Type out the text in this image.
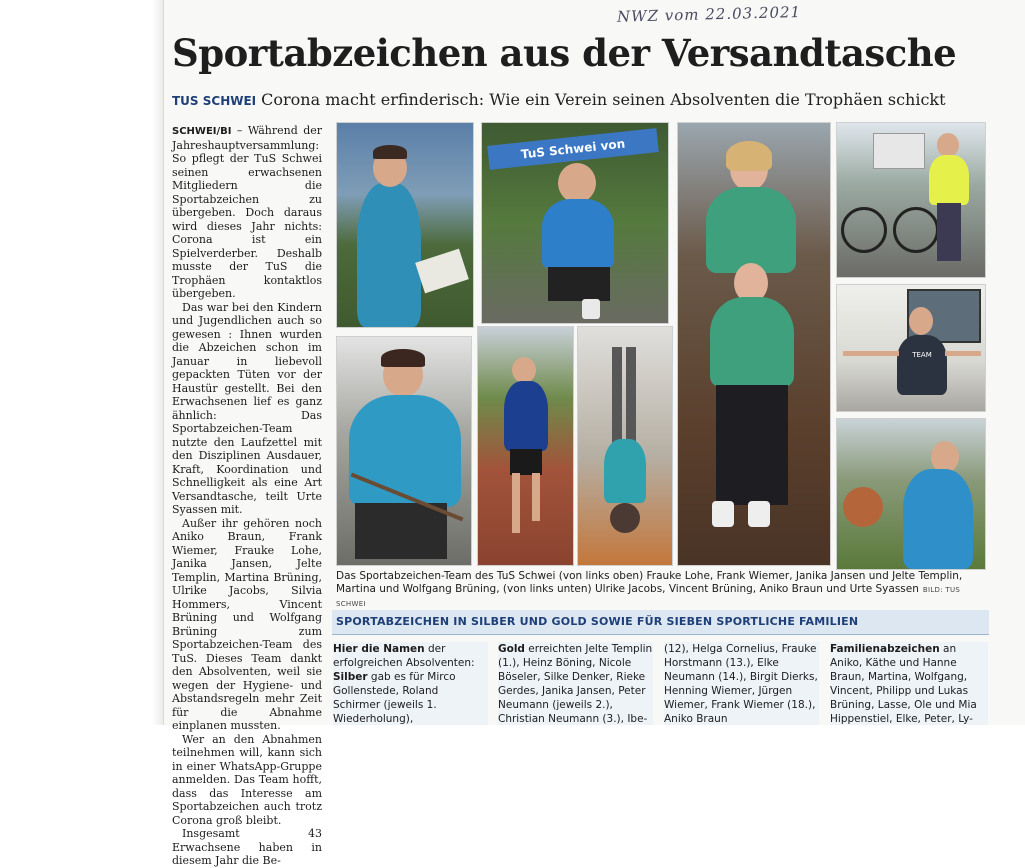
NWZ vom 22.03.2021
Sportabzeichen aus der Versandtasche
TUS SCHWEI Corona macht erfinderisch: Wie ein Verein seinen Absolventen die Trophäen schickt

SCHWEI/BI – Während der Jahreshauptversammlung: So pflegt der TuS Schwei seinen erwachsenen Mitgliedern die Sportabzeichen zu übergeben. Doch daraus wird dieses Jahr nichts: Corona ist ein Spielverderber. Deshalb musste der TuS die Trophäen kontaktlos übergeben.

Das war bei den Kindern und Jugendlichen auch so gewesen : Ihnen wurden die Abzeichen schon im Januar in liebevoll gepackten Tüten vor der Haustür gestellt. Bei den Erwachsenen lief es ganz ähnlich: Das Sportabzeichen-Team nutzte den Laufzettel mit den Disziplinen Ausdauer, Kraft, Koordination und Schnelligkeit als eine Art Versandtasche, teilt Urte Syassen mit.

Außer ihr gehören noch Aniko Braun, Frank Wiemer, Frauke Lohe, Janika Jansen, Jelte Templin, Martina Brüning, Ulrike Jacobs, Silvia Hommers, Vincent Brüning und Wolfgang Brüning zum Sportabzeichen-Team des TuS. Dieses Team dankt den Absolventen, weil sie wegen der Hygiene- und Abstandsregeln mehr Zeit für die Abnahme einplanen mussten.

Wer an den Abnahmen teilnehmen will, kann sich in einer WhatsApp-Gruppe anmelden. Das Team hofft, dass das Interesse am Sportabzeichen auch trotz Corona groß bleibt.

Insgesamt 43 Erwachsene haben in diesem Jahr die Be-

TuS Schwei von
TEAM
Das Sportabzeichen-Team des TuS Schwei (von links oben) Frauke Lohe, Frank Wiemer, Janika Jansen und Jelte Templin, Martina und Wolfgang Brüning, (von links unten) Ulrike Jacobs, Vincent Brüning, Aniko Braun und Urte Syassen BILD: TUS SCHWEI
SPORTABZEICHEN IN SILBER UND GOLD SOWIE FÜR SIEBEN SPORTLICHE FAMILIEN
Hier die Namen der erfolgreichen Absolventen:
Silber gab es für Mirco Gollenstede, Roland Schirmer (jeweils 1. Wiederholung),
Gold erreichten Jelte Templin (1.), Heinz Böning, Nicole Böseler, Silke Denker, Rieke Gerdes, Janika Jansen, Peter Neumann (jeweils 2.), Christian Neumann (3.), Ibe-
(12), Helga Cornelius, Frauke Horstmann (13.), Elke Neumann (14.), Birgit Dierks, Henning Wiemer, Jürgen Wiemer, Frank Wiemer (18.), Aniko Braun
Familienabzeichen an Aniko, Käthe und Hanne Braun, Martina, Wolfgang, Vincent, Philipp und Lukas Brüning, Lasse, Ole und Mia Hippenstiel, Elke, Peter, Ly-
